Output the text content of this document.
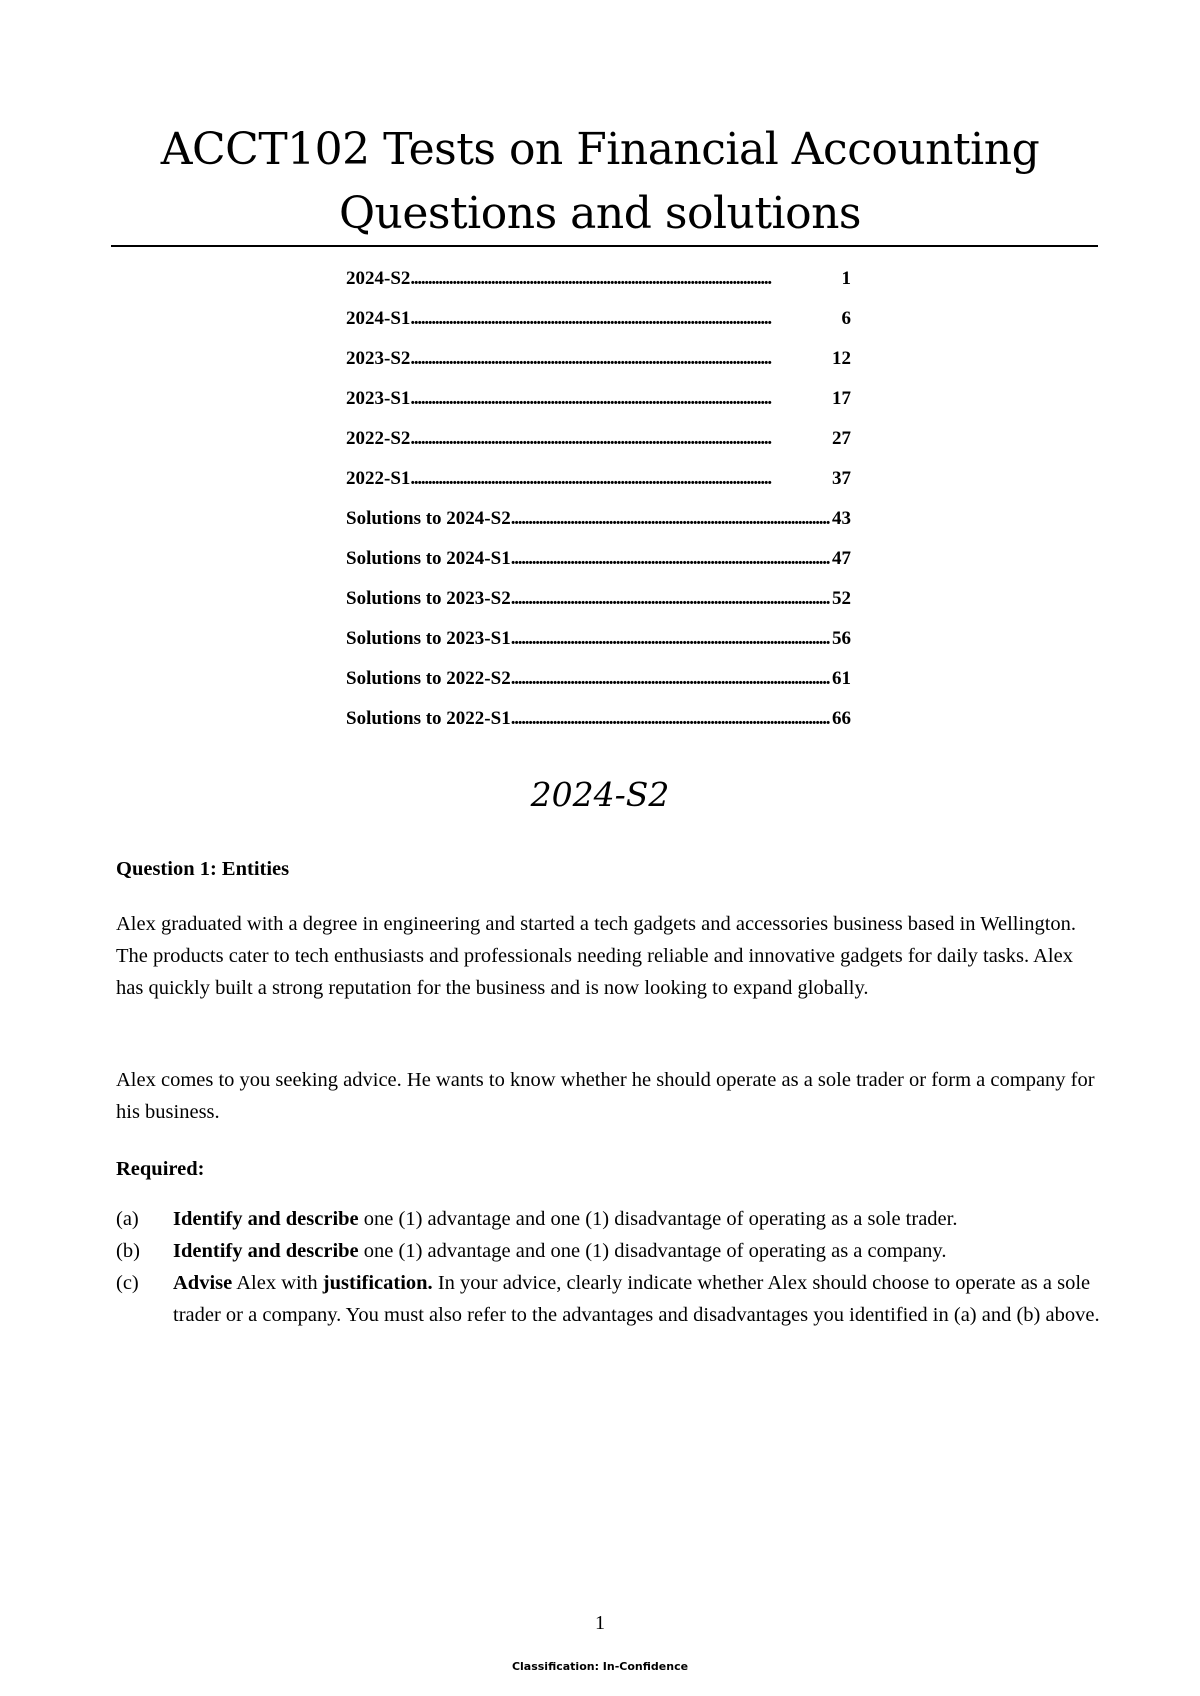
ACCT102 Tests on Financial Accounting
Questions and solutions
2024-S2 . . .	1
2024-S1 . . .	6
2023-S2 . . .	12
2023-S1 . . .	17
2022-S2 . . .	27
2022-S1 . . .	37
Solutions to 2024-S2 . . .	43
Solutions to 2024-S1 . . .	47
Solutions to 2023-S2 . . .	52
Solutions to 2023-S1 . . .	56
Solutions to 2022-S2 . . .	61
Solutions to 2022-S1 . . .	66
2024-S2

Question 1: Entities

Alex graduated with a degree in engineering and started a tech gadgets and accessories business based in Wellington. The products cater to tech enthusiasts and professionals needing reliable and innovative gadgets for daily tasks. Alex has quickly built a strong reputation for the business and is now looking to expand globally.

Alex comes to you seeking advice. He wants to know whether he should operate as a sole trader or form a company for his business.

Required:

(a)	Identify and describe one (1) advantage and one (1) disadvantage of operating as a sole trader.
(b)	Identify and describe one (1) advantage and one (1) disadvantage of operating as a company.
(c)	Advise Alex with justification. In your advice, clearly indicate whether Alex should choose to operate as a sole trader or a company. You must also refer to the advantages and disadvantages you identified in (a) and (b) above.
1
Classification: In-Confidence
